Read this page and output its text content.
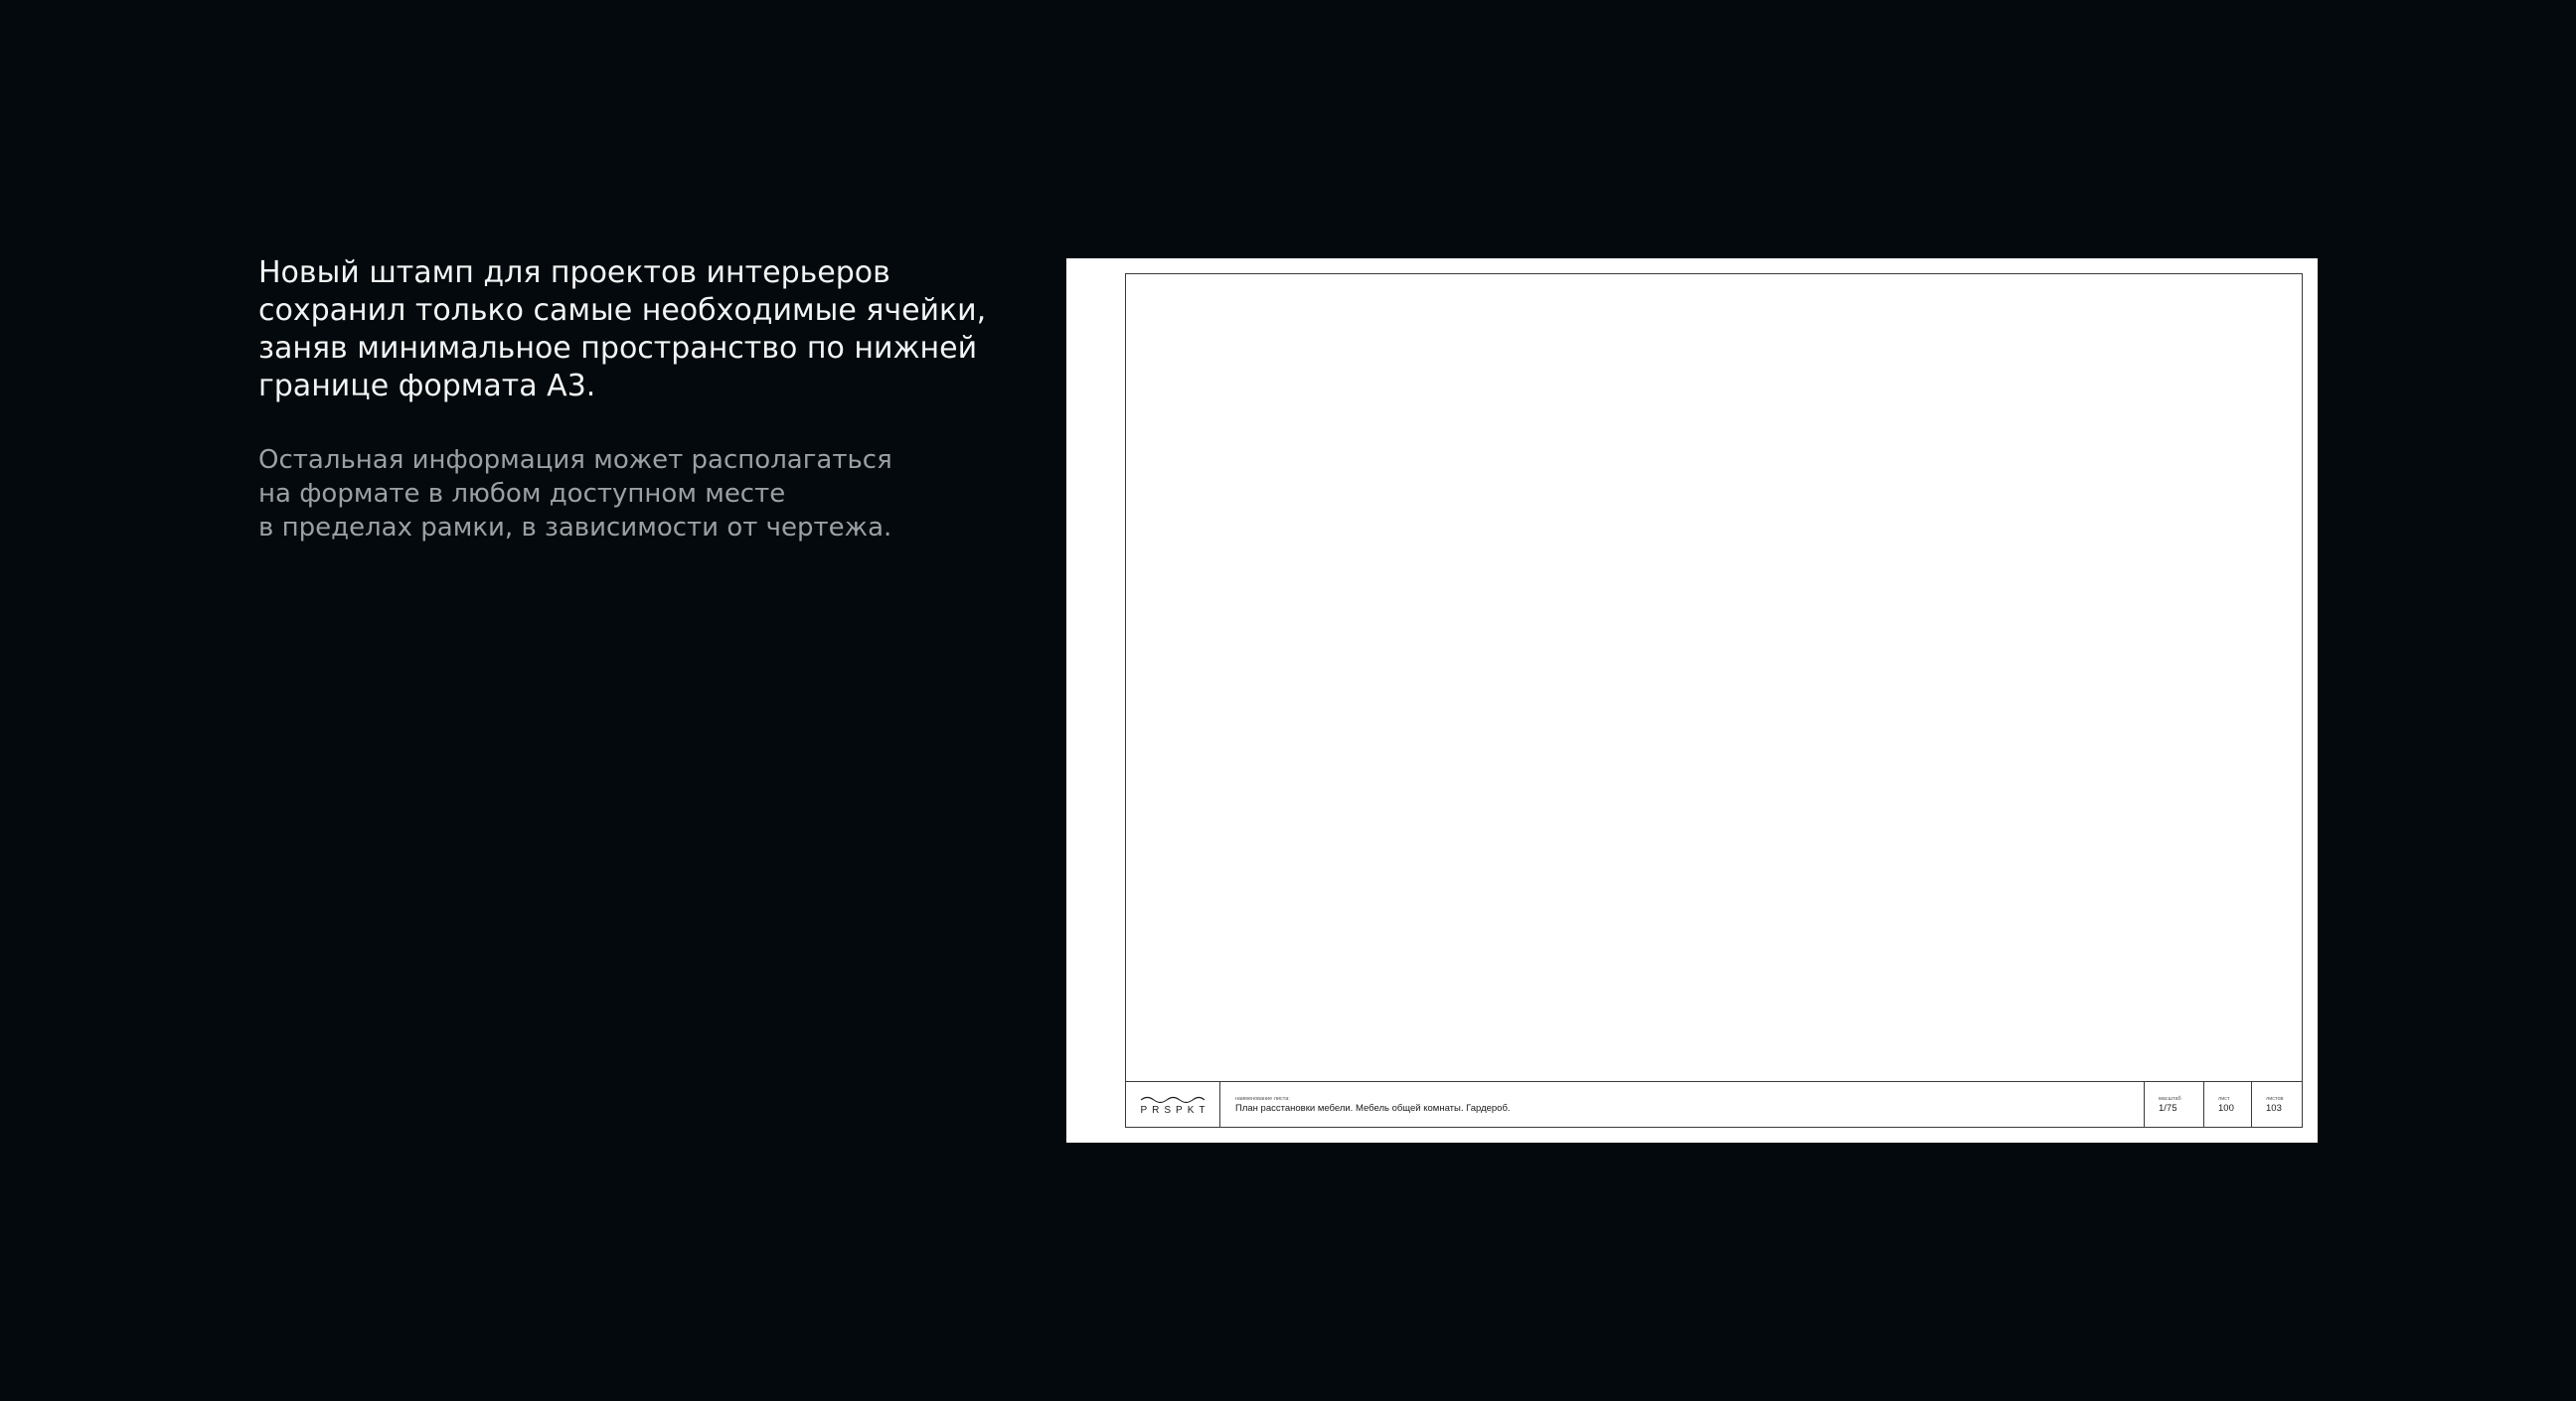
Новый штамп для проектов интерьеров
сохранил только самые необходимые ячейки,
заняв минимальное пространство по нижней
границе формата А3.

Остальная информация может располагаться
на формате в любом доступном месте
в пределах рамки, в зависимости от чертежа.

PRSPKT
наименование листа:
План расстановки мебели. Мебель общей комнаты. Гардероб.
масштаб
1/75
лист
100
листов
103
